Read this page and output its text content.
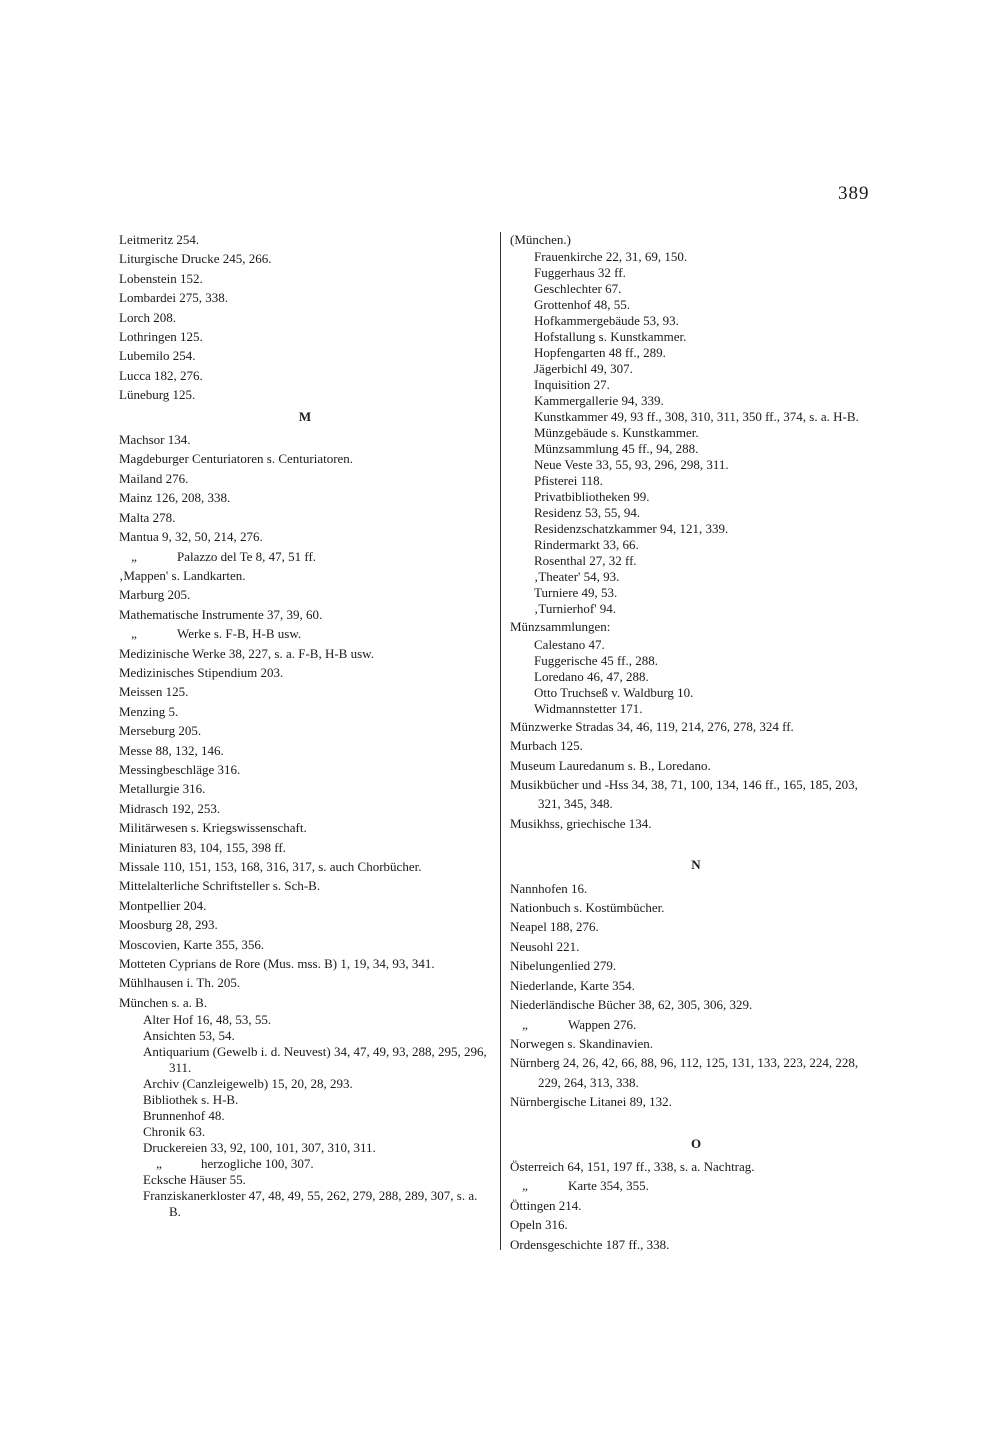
389
Leitmeritz 254.
Liturgische Drucke 245, 266.
Lobenstein 152.
Lombardei 275, 338.
Lorch 208.
Lothringen 125.
Lubemilo 254.
Lucca 182, 276.
Lüneburg 125.
M
Machsor 134.
Magdeburger Centuriatoren s. Centuriatoren.
Mailand 276.
Mainz 126, 208, 338.
Malta 278.
Mantua 9, 32, 50, 214, 276.
„	Palazzo del Te 8, 47, 51 ff.
‚Mappen' s. Landkarten.
Marburg 205.
Mathematische Instrumente 37, 39, 60.
„	Werke s. F-B, H-B usw.
Medizinische Werke 38, 227, s. a. F-B, H-B usw.
Medizinisches Stipendium 203.
Meissen 125.
Menzing 5.
Merseburg 205.
Messe 88, 132, 146.
Messingbeschläge 316.
Metallurgie 316.
Midrasch 192, 253.
Militärwesen s. Kriegswissenschaft.
Miniaturen 83, 104, 155, 398 ff.
Missale 110, 151, 153, 168, 316, 317, s. auch Chorbücher.
Mittelalterliche Schriftsteller s. Sch-B.
Montpellier 204.
Moosburg 28, 293.
Moscovien, Karte 355, 356.
Motteten Cyprians de Rore (Mus. mss. B) 1, 19, 34, 93, 341.
Mühlhausen i. Th. 205.
München s. a. B.
Alter Hof 16, 48, 53, 55.
Ansichten 53, 54.
Antiquarium (Gewelb i. d. Neuvest) 34, 47, 49, 93, 288, 295, 296, 311.
Archiv (Canzleigewelb) 15, 20, 28, 293.
Bibliothek s. H-B.
Brunnenhof 48.
Chronik 63.
Druckereien 33, 92, 100, 101, 307, 310, 311.
„	herzogliche 100, 307.
Ecksche Häuser 55.
Franziskanerkloster 47, 48, 49, 55, 262, 279, 288, 289, 307, s. a. B.
(München.)
Frauenkirche 22, 31, 69, 150.
Fuggerhaus 32 ff.
Geschlechter 67.
Grottenhof 48, 55.
Hofkammergebäude 53, 93.
Hofstallung s. Kunstkammer.
Hopfengarten 48 ff., 289.
Jägerbichl 49, 307.
Inquisition 27.
Kammergallerie 94, 339.
Kunstkammer 49, 93 ff., 308, 310, 311, 350 ff., 374, s. a. H-B.
Münzgebäude s. Kunstkammer.
Münzsammlung 45 ff., 94, 288.
Neue Veste 33, 55, 93, 296, 298, 311.
Pfisterei 118.
Privatbibliotheken 99.
Residenz 53, 55, 94.
Residenzschatzkammer 94, 121, 339.
Rindermarkt 33, 66.
Rosenthal 27, 32 ff.
‚Theater' 54, 93.
Turniere 49, 53.
‚Turnierhof' 94.
Münzsammlungen:
Calestano 47.
Fuggerische 45 ff., 288.
Loredano 46, 47, 288.
Otto Truchseß v. Waldburg 10.
Widmannstetter 171.
Münzwerke Stradas 34, 46, 119, 214, 276, 278, 324 ff.
Murbach 125.
Museum Lauredanum s. B., Loredano.
Musikbücher und -Hss 34, 38, 71, 100, 134, 146 ff., 165, 185, 203, 321, 345, 348.
Musikhss, griechische 134.
N
Nannhofen 16.
Nationbuch s. Kostümbücher.
Neapel 188, 276.
Neusohl 221.
Nibelungenlied 279.
Niederlande, Karte 354.
Niederländische Bücher 38, 62, 305, 306, 329.
„	Wappen 276.
Norwegen s. Skandinavien.
Nürnberg 24, 26, 42, 66, 88, 96, 112, 125, 131, 133, 223, 224, 228, 229, 264, 313, 338.
Nürnbergische Litanei 89, 132.
O
Österreich 64, 151, 197 ff., 338, s. a. Nachtrag.
„	Karte 354, 355.
Öttingen 214.
Opeln 316.
Ordensgeschichte 187 ff., 338.
